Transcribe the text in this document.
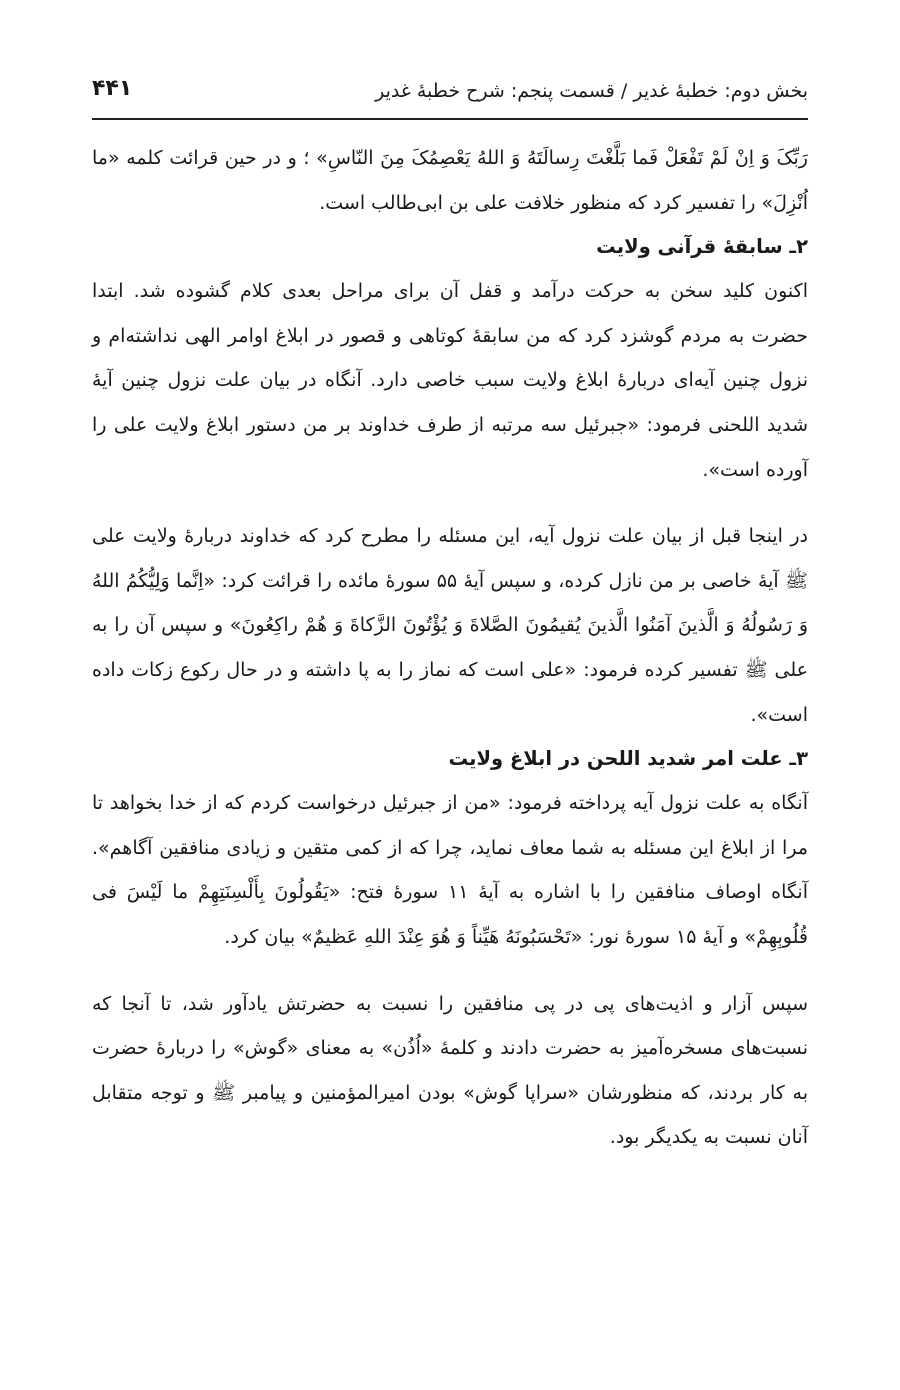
بخش دوم: خطبهٔ غدیر / قسمت پنجم: شرح خطبهٔ غدیر
۴۴۱

رَبِّکَ وَ اِنْ لَمْ تَفْعَلْ فَما بَلَّغْتَ رِسالَتَهُ وَ اللهُ یَعْصِمُکَ مِنَ النّاسِ» ؛ و در حین قرائت کلمه «ما اُنْزِلَ» را تفسیر کرد که منظور خلافت علی بن ابی‌طالب است.

۲ـ سابقهٔ قرآنی ولایت

اکنون کلید سخن به حرکت درآمد و قفل آن برای مراحل بعدی کلام گشوده شد. ابتدا حضرت به مردم گوشزد کرد که من سابقهٔ کوتاهی و قصور در ابلاغ اوامر الهی نداشته‌ام و نزول چنین آیه‌ای دربارهٔ ابلاغ ولایت سبب خاصی دارد. آنگاه در بیان علت نزول چنین آیهٔ شدید اللحنی فرمود: «جبرئیل سه مرتبه از طرف خداوند بر من دستور ابلاغ ولایت علی را آورده است».

در اینجا قبل از بیان علت نزول آیه، این مسئله را مطرح کرد که خداوند دربارهٔ ولایت علی ﷺ آیهٔ خاصی بر من نازل کرده، و سپس آیهٔ ۵۵ سورهٔ مائده را قرائت کرد: «اِنَّما وَلِیُّکُمُ اللهُ وَ رَسُولُهُ وَ الَّذینَ آمَنُوا الَّذینَ یُقیمُونَ الصَّلاةَ وَ یُؤْتُونَ الزَّکاةَ وَ هُمْ راکِعُونَ» و سپس آن را به علی ﷺ تفسیر کرده فرمود: «علی است که نماز را به پا داشته و در حال رکوع زکات داده است».

۳ـ علت امر شدید اللحن در ابلاغ ولایت

آنگاه به علت نزول آیه پرداخته فرمود: «من از جبرئیل درخواست کردم که از خدا بخواهد تا مرا از ابلاغ این مسئله به شما معاف نماید، چرا که از کمی متقین و زیادی منافقین آگاهم». آنگاه اوصاف منافقین را با اشاره به آیهٔ ۱۱ سورهٔ فتح: «یَقُولُونَ بِأَلْسِنَتِهِمْ ما لَیْسَ فی قُلُوبِهِمْ» و آیهٔ ۱۵ سورهٔ نور: «تَحْسَبُونَهُ هَیِّناً وَ هُوَ عِنْدَ اللهِ عَظیمٌ» بیان کرد.

سپس آزار و اذیت‌های پی در پی منافقین را نسبت به حضرتش یادآور شد، تا آنجا که نسبت‌های مسخره‌آمیز به حضرت دادند و کلمهٔ «اُذُن» به معنای «گوش» را دربارهٔ حضرت به کار بردند، که منظورشان «سراپا گوش» بودن امیرالمؤمنین و پیامبر ﷺ و توجه متقابل آنان نسبت به یکدیگر بود.
